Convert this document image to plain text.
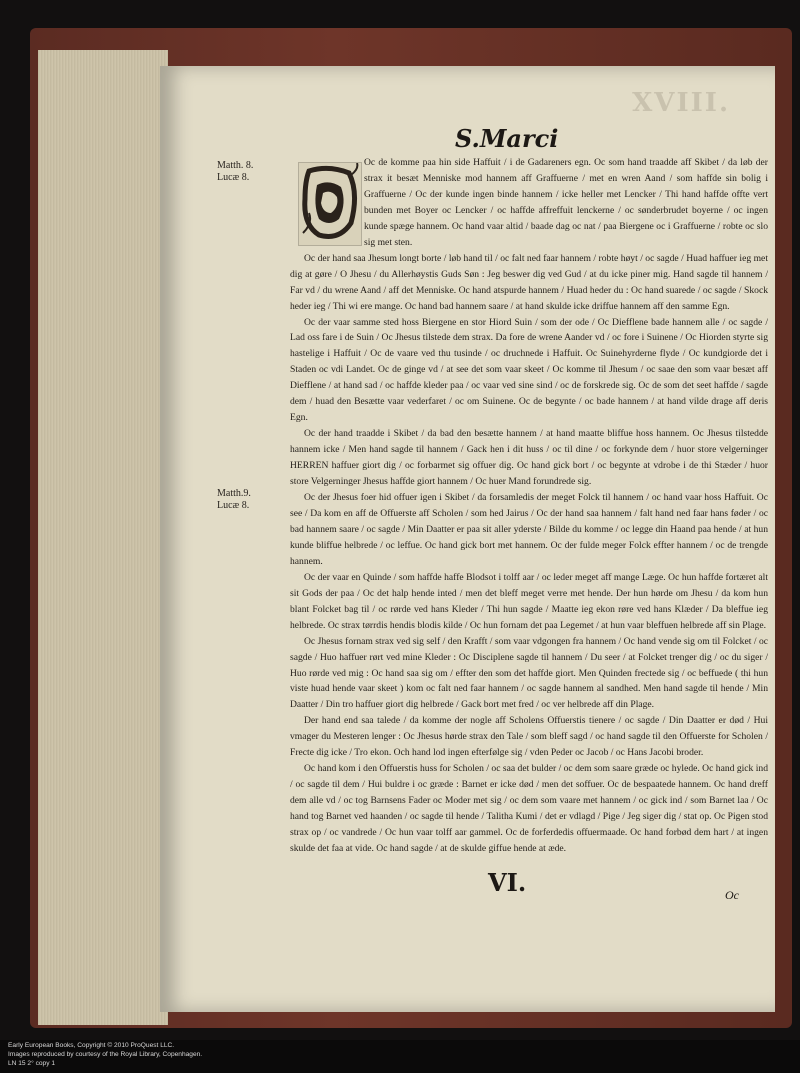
XVIII.
S.Marci
Matth. 8.
Lucæ 8.
Matth.9.
Lucæ 8.

Oc de komme paa hin side Haffuit / i de Gadareners egn. Oc som hand traadde aff Skibet / da løb der strax it besæt Menniske mod hannem aff Graffuerne / met en wren Aand / som haffde sin bolig i Graffuerne / Oc der kunde ingen binde hannem / icke heller met Lencker / Thi hand haffde offte vert bunden met Boyer oc Lencker / oc haffde affreffuit lenckerne / oc sønderbrudet boyerne / oc ingen kunde spæge hannem. Oc hand vaar altid / baade dag oc nat / paa Biergene oc i Graffuerne / robte oc slo sig met sten.

Oc der hand saa Jhesum longt borte / løb hand til / oc falt ned faar hannem / robte høyt / oc sagde / Huad haffuer ieg met dig at gøre / O Jhesu / du Allerhøystis Guds Søn : Jeg beswer dig ved Gud / at du icke piner mig. Hand sagde til hannem / Far vd / du wrene Aand / aff det Menniske. Oc hand atspurde hannem / Huad heder du : Oc hand suarede / oc sagde / Skock heder ieg / Thi wi ere mange. Oc hand bad hannem saare / at hand skulde icke driffue hannem aff den samme Egn.

Oc der vaar samme sted hoss Biergene en stor Hiord Suin / som der ode / Oc Diefflene bade hannem alle / oc sagde / Lad oss fare i de Suin / Oc Jhesus tilstede dem strax. Da fore de wrene Aander vd / oc fore i Suinene / Oc Hiorden styrte sig hastelige i Haffuit / Oc de vaare ved thu tusinde / oc druchnede i Haffuit. Oc Suinehyrderne flyde / Oc kundgiorde det i Staden oc vdi Landet. Oc de ginge vd / at see det som vaar skeet / Oc komme til Jhesum / oc saae den som vaar besæt aff Diefflene / at hand sad / oc haffde kleder paa / oc vaar ved sine sind / oc de forskrede sig. Oc de som det seet haffde / sagde dem / huad den Besætte vaar vederfaret / oc om Suinene. Oc de begynte / oc bade hannem / at hand vilde drage aff deris Egn.

Oc der hand traadde i Skibet / da bad den besætte hannem / at hand maatte bliffue hoss hannem. Oc Jhesus tilstedde hannem icke / Men hand sagde til hannem / Gack hen i dit huss / oc til dine / oc forkynde dem / huor store velgerninger HERREN haffuer giort dig / oc forbarmet sig offuer dig. Oc hand gick bort / oc begynte at vdrobe i de thi Stæder / huor store Velgerninger Jhesus haffde giort hannem / Oc huer Mand forundrede sig.

Oc der Jhesus foer hid offuer igen i Skibet / da forsamledis der meget Folck til hannem / oc hand vaar hoss Haffuit. Oc see / Da kom en aff de Offuerste aff Scholen / som hed Jairus / Oc der hand saa hannem / falt hand ned faar hans føder / oc bad hannem saare / oc sagde / Min Daatter er paa sit aller yderste / Bilde du komme / oc legge din Haand paa hende / at hun kunde bliffue helbrede / oc leffue. Oc hand gick bort met hannem. Oc der fulde meger Folck effter hannem / oc de trengde hannem.

Oc der vaar en Quinde / som haffde haffe Blodsot i tolff aar / oc leder meget aff mange Læge. Oc hun haffde fortæret alt sit Gods der paa / Oc det halp hende inted / men det bleff meget verre met hende. Der hun hørde om Jhesu / da kom hun blant Folcket bag til / oc rørde ved hans Kleder / Thi hun sagde / Maatte ieg ekon røre ved hans Klæder / Da bleffue ieg helbrede. Oc strax tørrdis hendis blodis kilde / Oc hun fornam det paa Legemet / at hun vaar bleffuen helbrede aff sin Plage.

Oc Jhesus fornam strax ved sig self / den Krafft / som vaar vdgongen fra hannem / Oc hand vende sig om til Folcket / oc sagde / Huo haffuer rørt ved mine Kleder : Oc Disciplene sagde til hannem / Du seer / at Folcket trenger dig / oc du siger / Huo rørde ved mig : Oc hand saa sig om / effter den som det haffde giort. Men Quinden frectede sig / oc beffuede ( thi hun viste huad hende vaar skeet ) kom oc falt ned faar hannem / oc sagde hannem al sandhed. Men hand sagde til hende / Min Daatter / Din tro haffuer giort dig helbrede / Gack bort met fred / oc ver helbrede aff din Plage.

Der hand end saa talede / da komme der nogle aff Scholens Offuerstis tienere / oc sagde / Din Daatter er død / Hui vmager du Mesteren lenger : Oc Jhesus hørde strax den Tale / som bleff sagd / oc hand sagde til den Offuerste for Scholen / Frecte dig icke / Tro ekon. Och hand lod ingen efterfølge sig / vden Peder oc Jacob / oc Hans Jacobi broder.

Oc hand kom i den Offuerstis huss for Scholen / oc saa det bulder / oc dem som saare græde oc hylede. Oc hand gick ind / oc sagde til dem / Hui buldre i oc græde : Barnet er icke død / men det soffuer. Oc de bespaatede hannem. Oc hand dreff dem alle vd / oc tog Barnsens Fader oc Moder met sig / oc dem som vaare met hannem / oc gick ind / som Barnet laa / Oc hand tog Barnet ved haanden / oc sagde til hende / Talitha Kumi / det er vdlagd / Pige / Jeg siger dig / stat op. Oc Pigen stod strax op / oc vandrede / Oc hun vaar tolff aar gammel. Oc de forferdedis offuermaade. Oc hand forbød dem hart / at ingen skulde det faa at vide. Oc hand sagde / at de skulde giffue hende at æde.

VI.	Oc
Early European Books, Copyright © 2010 ProQuest LLC.
Images reproduced by courtesy of the Royal Library, Copenhagen.
LN 15 2° copy 1
